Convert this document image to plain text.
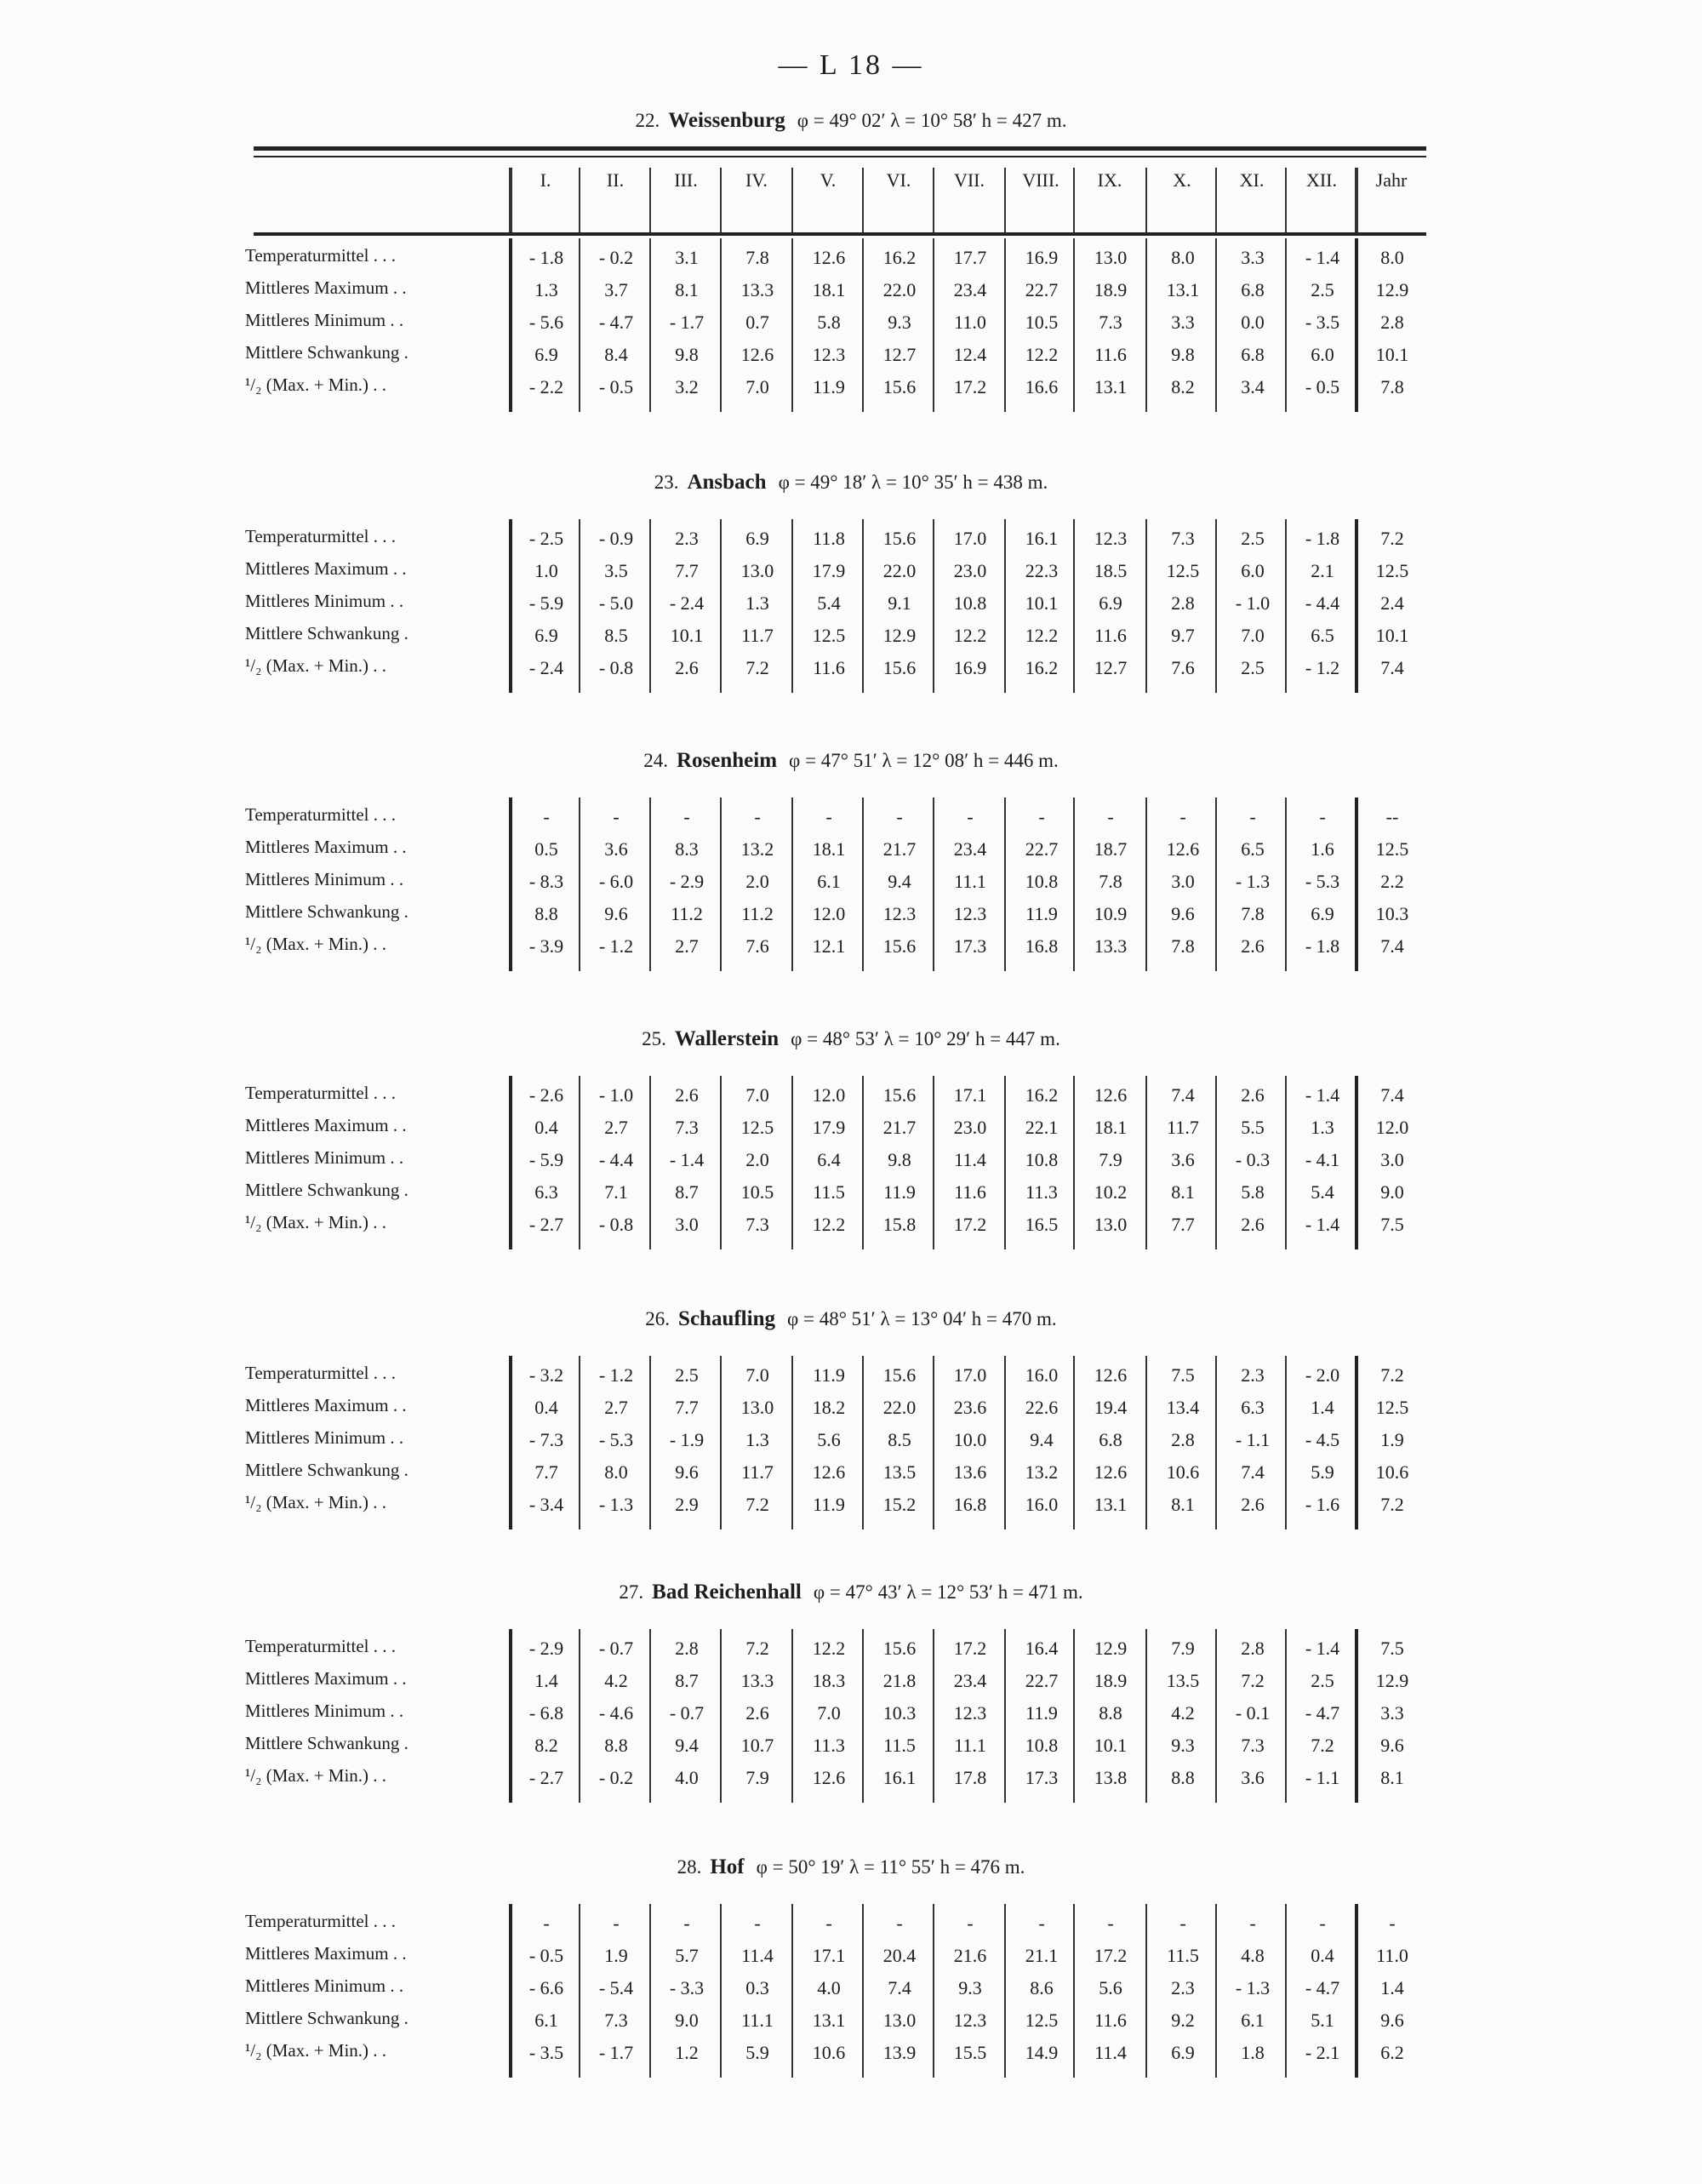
— L 18 —
I.	II.	III.	IV.	V.	VI.	VII.	VIII.	IX.	X.	XI.	XII.	Jahr
22. Weissenburg φ = 49° 02′ λ = 10° 58′ h = 427 m.
Temperaturmittel . . .	- 1.8	- 0.2	3.1	7.8	12.6	16.2	17.7	16.9	13.0	8.0	3.3	- 1.4	8.0
Mittleres Maximum . .	1.3	3.7	8.1	13.3	18.1	22.0	23.4	22.7	18.9	13.1	6.8	2.5	12.9
Mittleres Minimum . .	- 5.6	- 4.7	- 1.7	0.7	5.8	9.3	11.0	10.5	7.3	3.3	0.0	- 3.5	2.8
Mittlere Schwankung .	6.9	8.4	9.8	12.6	12.3	12.7	12.4	12.2	11.6	9.8	6.8	6.0	10.1
¹/₂ (Max. + Min.) . .	- 2.2	- 0.5	3.2	7.0	11.9	15.6	17.2	16.6	13.1	8.2	3.4	- 0.5	7.8
23. Ansbach φ = 49° 18′ λ = 10° 35′ h = 438 m.
Temperaturmittel . . .	- 2.5	- 0.9	2.3	6.9	11.8	15.6	17.0	16.1	12.3	7.3	2.5	- 1.8	7.2
Mittleres Maximum . .	1.0	3.5	7.7	13.0	17.9	22.0	23.0	22.3	18.5	12.5	6.0	2.1	12.5
Mittleres Minimum . .	- 5.9	- 5.0	- 2.4	1.3	5.4	9.1	10.8	10.1	6.9	2.8	- 1.0	- 4.4	2.4
Mittlere Schwankung .	6.9	8.5	10.1	11.7	12.5	12.9	12.2	12.2	11.6	9.7	7.0	6.5	10.1
¹/₂ (Max. + Min.) . .	- 2.4	- 0.8	2.6	7.2	11.6	15.6	16.9	16.2	12.7	7.6	2.5	- 1.2	7.4
24. Rosenheim φ = 47° 51′ λ = 12° 08′ h = 446 m.
Temperaturmittel . . .	-	-	-	-	-	-	-	-	-	-	-	-	--
Mittleres Maximum . .	0.5	3.6	8.3	13.2	18.1	21.7	23.4	22.7	18.7	12.6	6.5	1.6	12.5
Mittleres Minimum . .	- 8.3	- 6.0	- 2.9	2.0	6.1	9.4	11.1	10.8	7.8	3.0	- 1.3	- 5.3	2.2
Mittlere Schwankung .	8.8	9.6	11.2	11.2	12.0	12.3	12.3	11.9	10.9	9.6	7.8	6.9	10.3
¹/₂ (Max. + Min.) . .	- 3.9	- 1.2	2.7	7.6	12.1	15.6	17.3	16.8	13.3	7.8	2.6	- 1.8	7.4
25. Wallerstein φ = 48° 53′ λ = 10° 29′ h = 447 m.
Temperaturmittel . . .	- 2.6	- 1.0	2.6	7.0	12.0	15.6	17.1	16.2	12.6	7.4	2.6	- 1.4	7.4
Mittleres Maximum . .	0.4	2.7	7.3	12.5	17.9	21.7	23.0	22.1	18.1	11.7	5.5	1.3	12.0
Mittleres Minimum . .	- 5.9	- 4.4	- 1.4	2.0	6.4	9.8	11.4	10.8	7.9	3.6	- 0.3	- 4.1	3.0
Mittlere Schwankung .	6.3	7.1	8.7	10.5	11.5	11.9	11.6	11.3	10.2	8.1	5.8	5.4	9.0
¹/₂ (Max. + Min.) . .	- 2.7	- 0.8	3.0	7.3	12.2	15.8	17.2	16.5	13.0	7.7	2.6	- 1.4	7.5
26. Schaufling φ = 48° 51′ λ = 13° 04′ h = 470 m.
Temperaturmittel . . .	- 3.2	- 1.2	2.5	7.0	11.9	15.6	17.0	16.0	12.6	7.5	2.3	- 2.0	7.2
Mittleres Maximum . .	0.4	2.7	7.7	13.0	18.2	22.0	23.6	22.6	19.4	13.4	6.3	1.4	12.5
Mittleres Minimum . .	- 7.3	- 5.3	- 1.9	1.3	5.6	8.5	10.0	9.4	6.8	2.8	- 1.1	- 4.5	1.9
Mittlere Schwankung .	7.7	8.0	9.6	11.7	12.6	13.5	13.6	13.2	12.6	10.6	7.4	5.9	10.6
¹/₂ (Max. + Min.) . .	- 3.4	- 1.3	2.9	7.2	11.9	15.2	16.8	16.0	13.1	8.1	2.6	- 1.6	7.2
27. Bad Reichenhall φ = 47° 43′ λ = 12° 53′ h = 471 m.
Temperaturmittel . . .	- 2.9	- 0.7	2.8	7.2	12.2	15.6	17.2	16.4	12.9	7.9	2.8	- 1.4	7.5
Mittleres Maximum . .	1.4	4.2	8.7	13.3	18.3	21.8	23.4	22.7	18.9	13.5	7.2	2.5	12.9
Mittleres Minimum . .	- 6.8	- 4.6	- 0.7	2.6	7.0	10.3	12.3	11.9	8.8	4.2	- 0.1	- 4.7	3.3
Mittlere Schwankung .	8.2	8.8	9.4	10.7	11.3	11.5	11.1	10.8	10.1	9.3	7.3	7.2	9.6
¹/₂ (Max. + Min.) . .	- 2.7	- 0.2	4.0	7.9	12.6	16.1	17.8	17.3	13.8	8.8	3.6	- 1.1	8.1
28. Hof φ = 50° 19′ λ = 11° 55′ h = 476 m.
Temperaturmittel . . .	-	-	-	-	-	-	-	-	-	-	-	-	-
Mittleres Maximum . .	- 0.5	1.9	5.7	11.4	17.1	20.4	21.6	21.1	17.2	11.5	4.8	0.4	11.0
Mittleres Minimum . .	- 6.6	- 5.4	- 3.3	0.3	4.0	7.4	9.3	8.6	5.6	2.3	- 1.3	- 4.7	1.4
Mittlere Schwankung .	6.1	7.3	9.0	11.1	13.1	13.0	12.3	12.5	11.6	9.2	6.1	5.1	9.6
¹/₂ (Max. + Min.) . .	- 3.5	- 1.7	1.2	5.9	10.6	13.9	15.5	14.9	11.4	6.9	1.8	- 2.1	6.2
